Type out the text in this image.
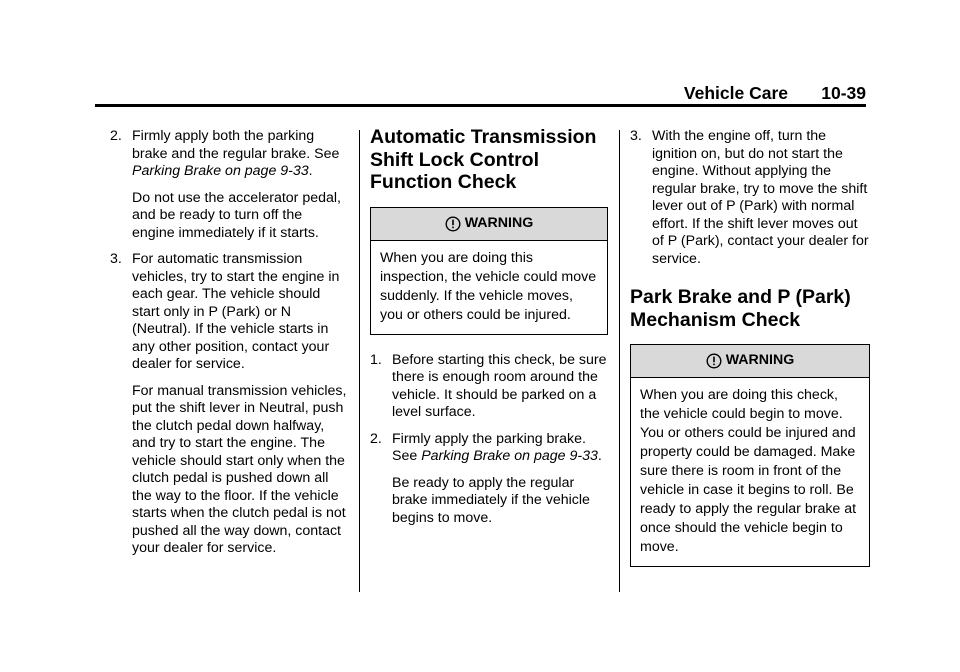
Vehicle Care 10-39
2. Firmly apply both the parking brake and the regular brake. See Parking Brake on page 9-33.
Do not use the accelerator pedal, and be ready to turn off the engine immediately if it starts.
3. For automatic transmission vehicles, try to start the engine in each gear. The vehicle should start only in P (Park) or N (Neutral). If the vehicle starts in any other position, contact your dealer for service.
For manual transmission vehicles, put the shift lever in Neutral, push the clutch pedal down halfway, and try to start the engine. The vehicle should start only when the clutch pedal is pushed down all the way to the floor. If the vehicle starts when the clutch pedal is not pushed all the way down, contact your dealer for service.
Automatic Transmission Shift Lock Control Function Check
WARNING
When you are doing this inspection, the vehicle could move suddenly. If the vehicle moves, you or others could be injured.
1. Before starting this check, be sure there is enough room around the vehicle. It should be parked on a level surface.
2. Firmly apply the parking brake. See Parking Brake on page 9-33.
Be ready to apply the regular brake immediately if the vehicle begins to move.
3. With the engine off, turn the ignition on, but do not start the engine. Without applying the regular brake, try to move the shift lever out of P (Park) with normal effort. If the shift lever moves out of P (Park), contact your dealer for service.
Park Brake and P (Park) Mechanism Check
WARNING
When you are doing this check, the vehicle could begin to move. You or others could be injured and property could be damaged. Make sure there is room in front of the vehicle in case it begins to roll. Be ready to apply the regular brake at once should the vehicle begin to move.
